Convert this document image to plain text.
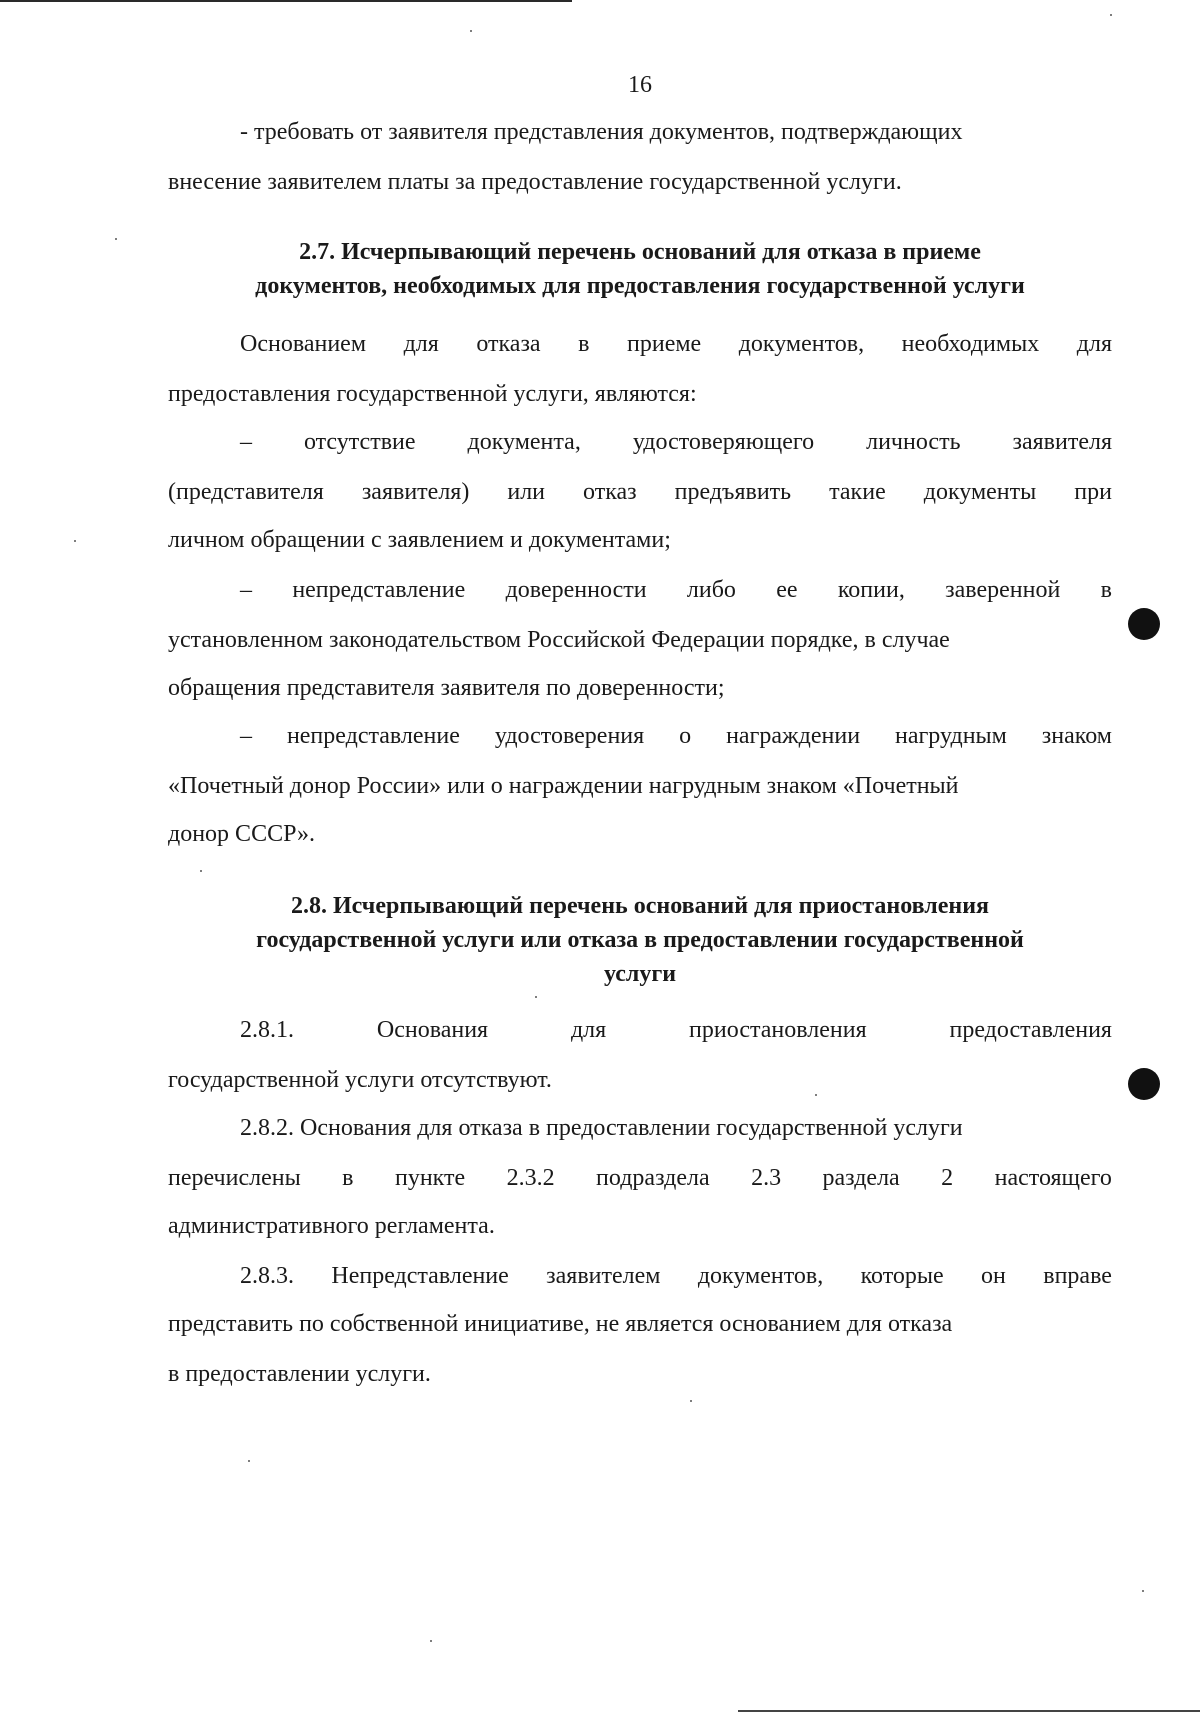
16
- требовать от заявителя представления документов, подтверждающих
внесение заявителем платы за предоставление государственной услуги.
2.7. Исчерпывающий перечень оснований для отказа в приеме
документов, необходимых для предоставления государственной услуги
Основанием для отказа в приеме документов, необходимых для
предоставления государственной услуги, являются:
– отсутствие документа, удостоверяющего личность заявителя
(представителя заявителя) или отказ предъявить такие документы при
личном обращении с заявлением и документами;
– непредставление доверенности либо ее копии, заверенной в
установленном законодательством Российской Федерации порядке, в случае
обращения представителя заявителя по доверенности;
– непредставление удостоверения о награждении нагрудным знаком
«Почетный донор России» или о награждении нагрудным знаком «Почетный
донор СССР».
2.8. Исчерпывающий перечень оснований для приостановления
государственной услуги или отказа в предоставлении государственной
услуги
2.8.1.	Основания	для	приостановления	предоставления
государственной услуги отсутствуют.
2.8.2. Основания для отказа в предоставлении государственной услуги
перечислены в пункте 2.3.2 подраздела 2.3 раздела 2 настоящего
административного регламента.
2.8.3. Непредставление заявителем документов, которые он вправе
представить по собственной инициативе, не является основанием для отказа
в предоставлении услуги.
